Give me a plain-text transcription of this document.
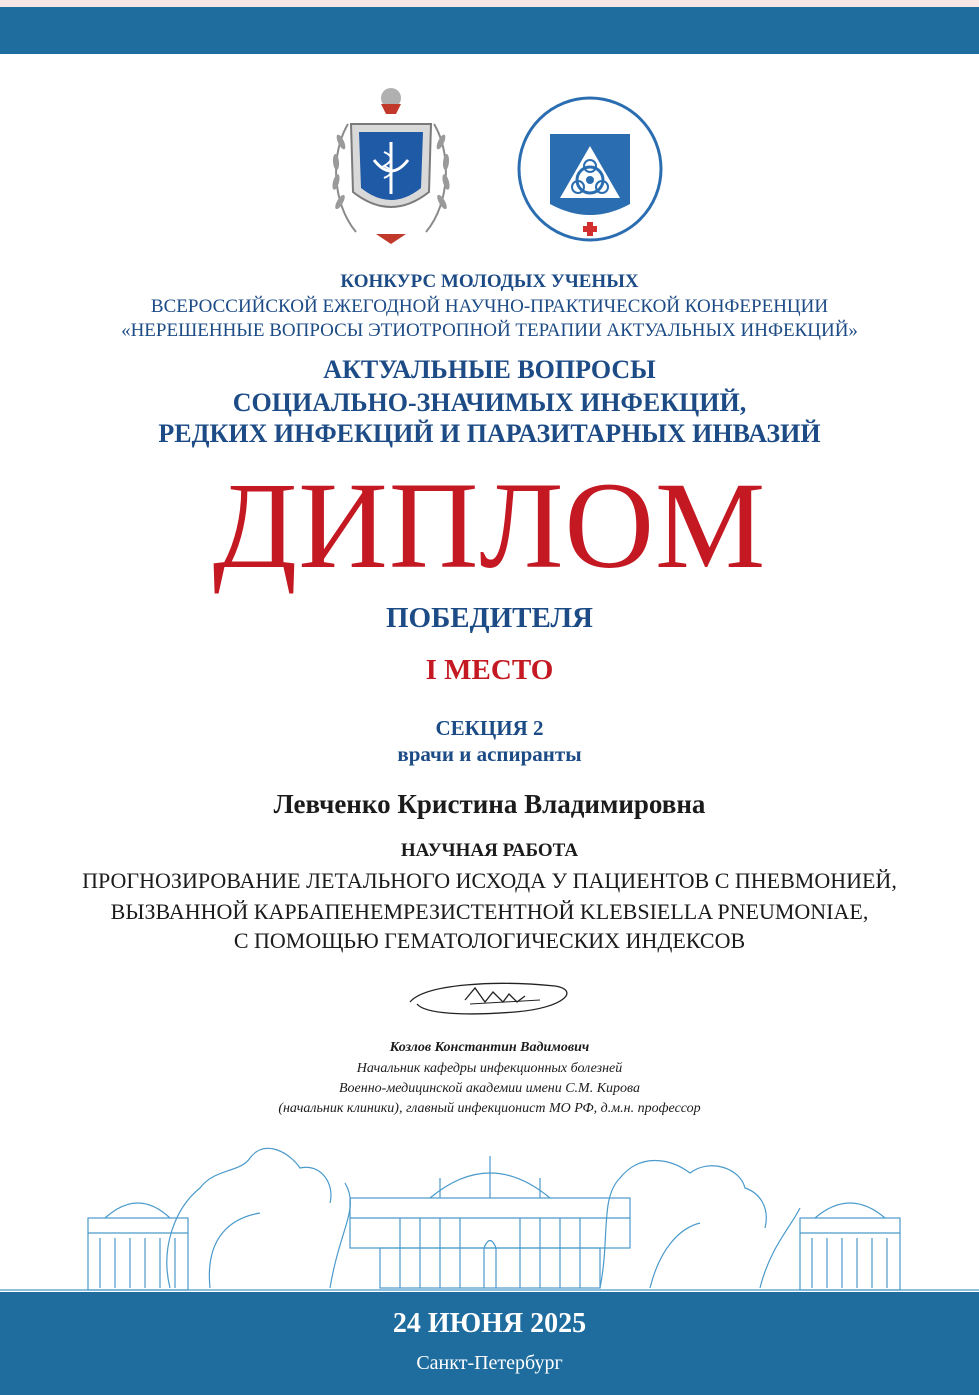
КОНКУРС МОЛОДЫХ УЧЕНЫХ
ВСЕРОССИЙСКОЙ ЕЖЕГОДНОЙ НАУЧНО-ПРАКТИЧЕСКОЙ КОНФЕРЕНЦИИ
«НЕРЕШЕННЫЕ ВОПРОСЫ ЭТИОТРОПНОЙ ТЕРАПИИ АКТУАЛЬНЫХ ИНФЕКЦИЙ»
АКТУАЛЬНЫЕ ВОПРОСЫ
СОЦИАЛЬНО-ЗНАЧИМЫХ ИНФЕКЦИЙ,
РЕДКИХ ИНФЕКЦИЙ И ПАРАЗИТАРНЫХ ИНВАЗИЙ
ДИПЛОМ
ПОБЕДИТЕЛЯ
I МЕСТО
СЕКЦИЯ 2
врачи и аспиранты
Левченко Кристина Владимировна
НАУЧНАЯ РАБОТА
ПРОГНОЗИРОВАНИЕ ЛЕТАЛЬНОГО ИСХОДА У ПАЦИЕНТОВ С ПНЕВМОНИЕЙ,
ВЫЗВАННОЙ КАРБАПЕНЕМРЕЗИСТЕНТНОЙ KLEBSIELLA PNEUMONIAE,
С ПОМОЩЬЮ ГЕМАТОЛОГИЧЕСКИХ ИНДЕКСОВ
Козлов Константин Вадимович
Начальник кафедры инфекционных болезней
Военно-медицинской академии имени С.М. Кирова
(начальник клиники), главный инфекционист МО РФ, д.м.н. профессор
24 ИЮНЯ 2025
Санкт-Петербург
